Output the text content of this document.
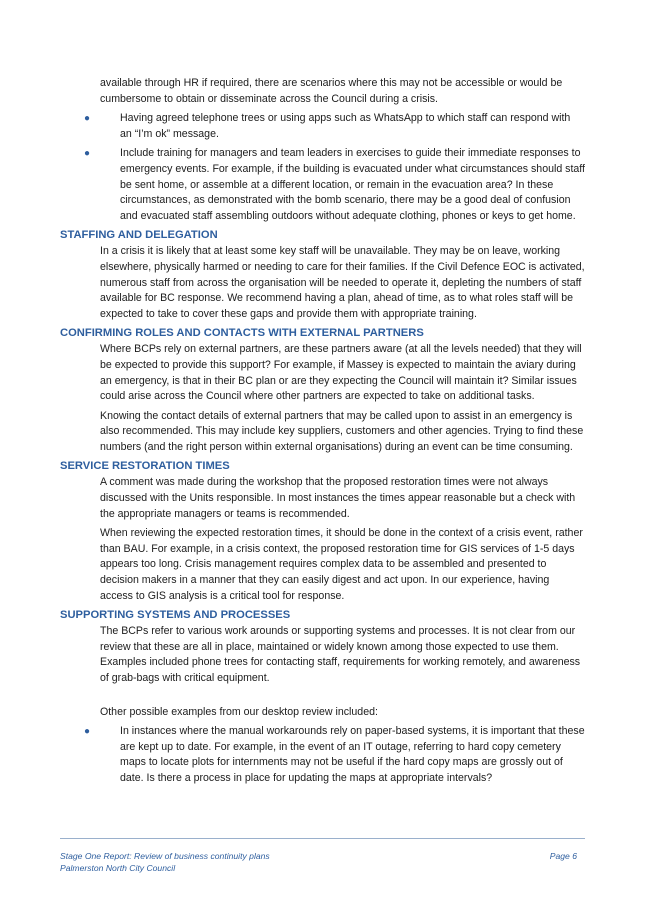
available through HR if required, there are scenarios where this may not be accessible or would be cumbersome to obtain or disseminate across the Council during a crisis.

●	Having agreed telephone trees or using apps such as WhatsApp to which staff can respond with an “I’m ok” message.
●	Include training for managers and team leaders in exercises to guide their immediate responses to emergency events. For example, if the building is evacuated under what circumstances should staff be sent home, or assemble at a different location, or remain in the evacuation area? In these circumstances, as demonstrated with the bomb scenario, there may be a good deal of confusion and evacuated staff assembling outdoors without adequate clothing, phones or keys to get home.
STAFFING AND DELEGATION

In a crisis it is likely that at least some key staff will be unavailable. They may be on leave, working elsewhere, physically harmed or needing to care for their families. If the Civil Defence EOC is activated, numerous staff from across the organisation will be needed to operate it, depleting the numbers of staff available for BC response. We recommend having a plan, ahead of time, as to what roles staff will be expected to take to cover these gaps and provide them with appropriate training.

CONFIRMING ROLES AND CONTACTS WITH EXTERNAL PARTNERS

Where BCPs rely on external partners, are these partners aware (at all the levels needed) that they will be expected to provide this support? For example, if Massey is expected to maintain the aviary during an emergency, is that in their BC plan or are they expecting the Council will maintain it? Similar issues could arise across the Council where other partners are expected to take on additional tasks.

Knowing the contact details of external partners that may be called upon to assist in an emergency is also recommended. This may include key suppliers, customers and other agencies. Trying to find these numbers (and the right person within external organisations) during an event can be time consuming.

SERVICE RESTORATION TIMES

A comment was made during the workshop that the proposed restoration times were not always discussed with the Units responsible. In most instances the times appear reasonable but a check with the appropriate managers or teams is recommended.

When reviewing the expected restoration times, it should be done in the context of a crisis event, rather than BAU. For example, in a crisis context, the proposed restoration time for GIS services of 1-5 days appears too long. Crisis management requires complex data to be assembled and presented to decision makers in a manner that they can easily digest and act upon. In our experience, having access to GIS analysis is a critical tool for response.

SUPPORTING SYSTEMS AND PROCESSES

The BCPs refer to various work arounds or supporting systems and processes. It is not clear from our review that these are all in place, maintained or widely known among those expected to use them. Examples included phone trees for contacting staff, requirements for working remotely, and awareness of grab-bags with critical equipment.

Other possible examples from our desktop review included:

●	In instances where the manual workarounds rely on paper-based systems, it is important that these are kept up to date. For example, in the event of an IT outage, referring to hard copy cemetery maps to locate plots for internments may not be useful if the hard copy maps are grossly out of date. Is there a process in place for updating the maps at appropriate intervals?
Stage One Report: Review of business continuity plans
Palmerston North City Council
Page 6
